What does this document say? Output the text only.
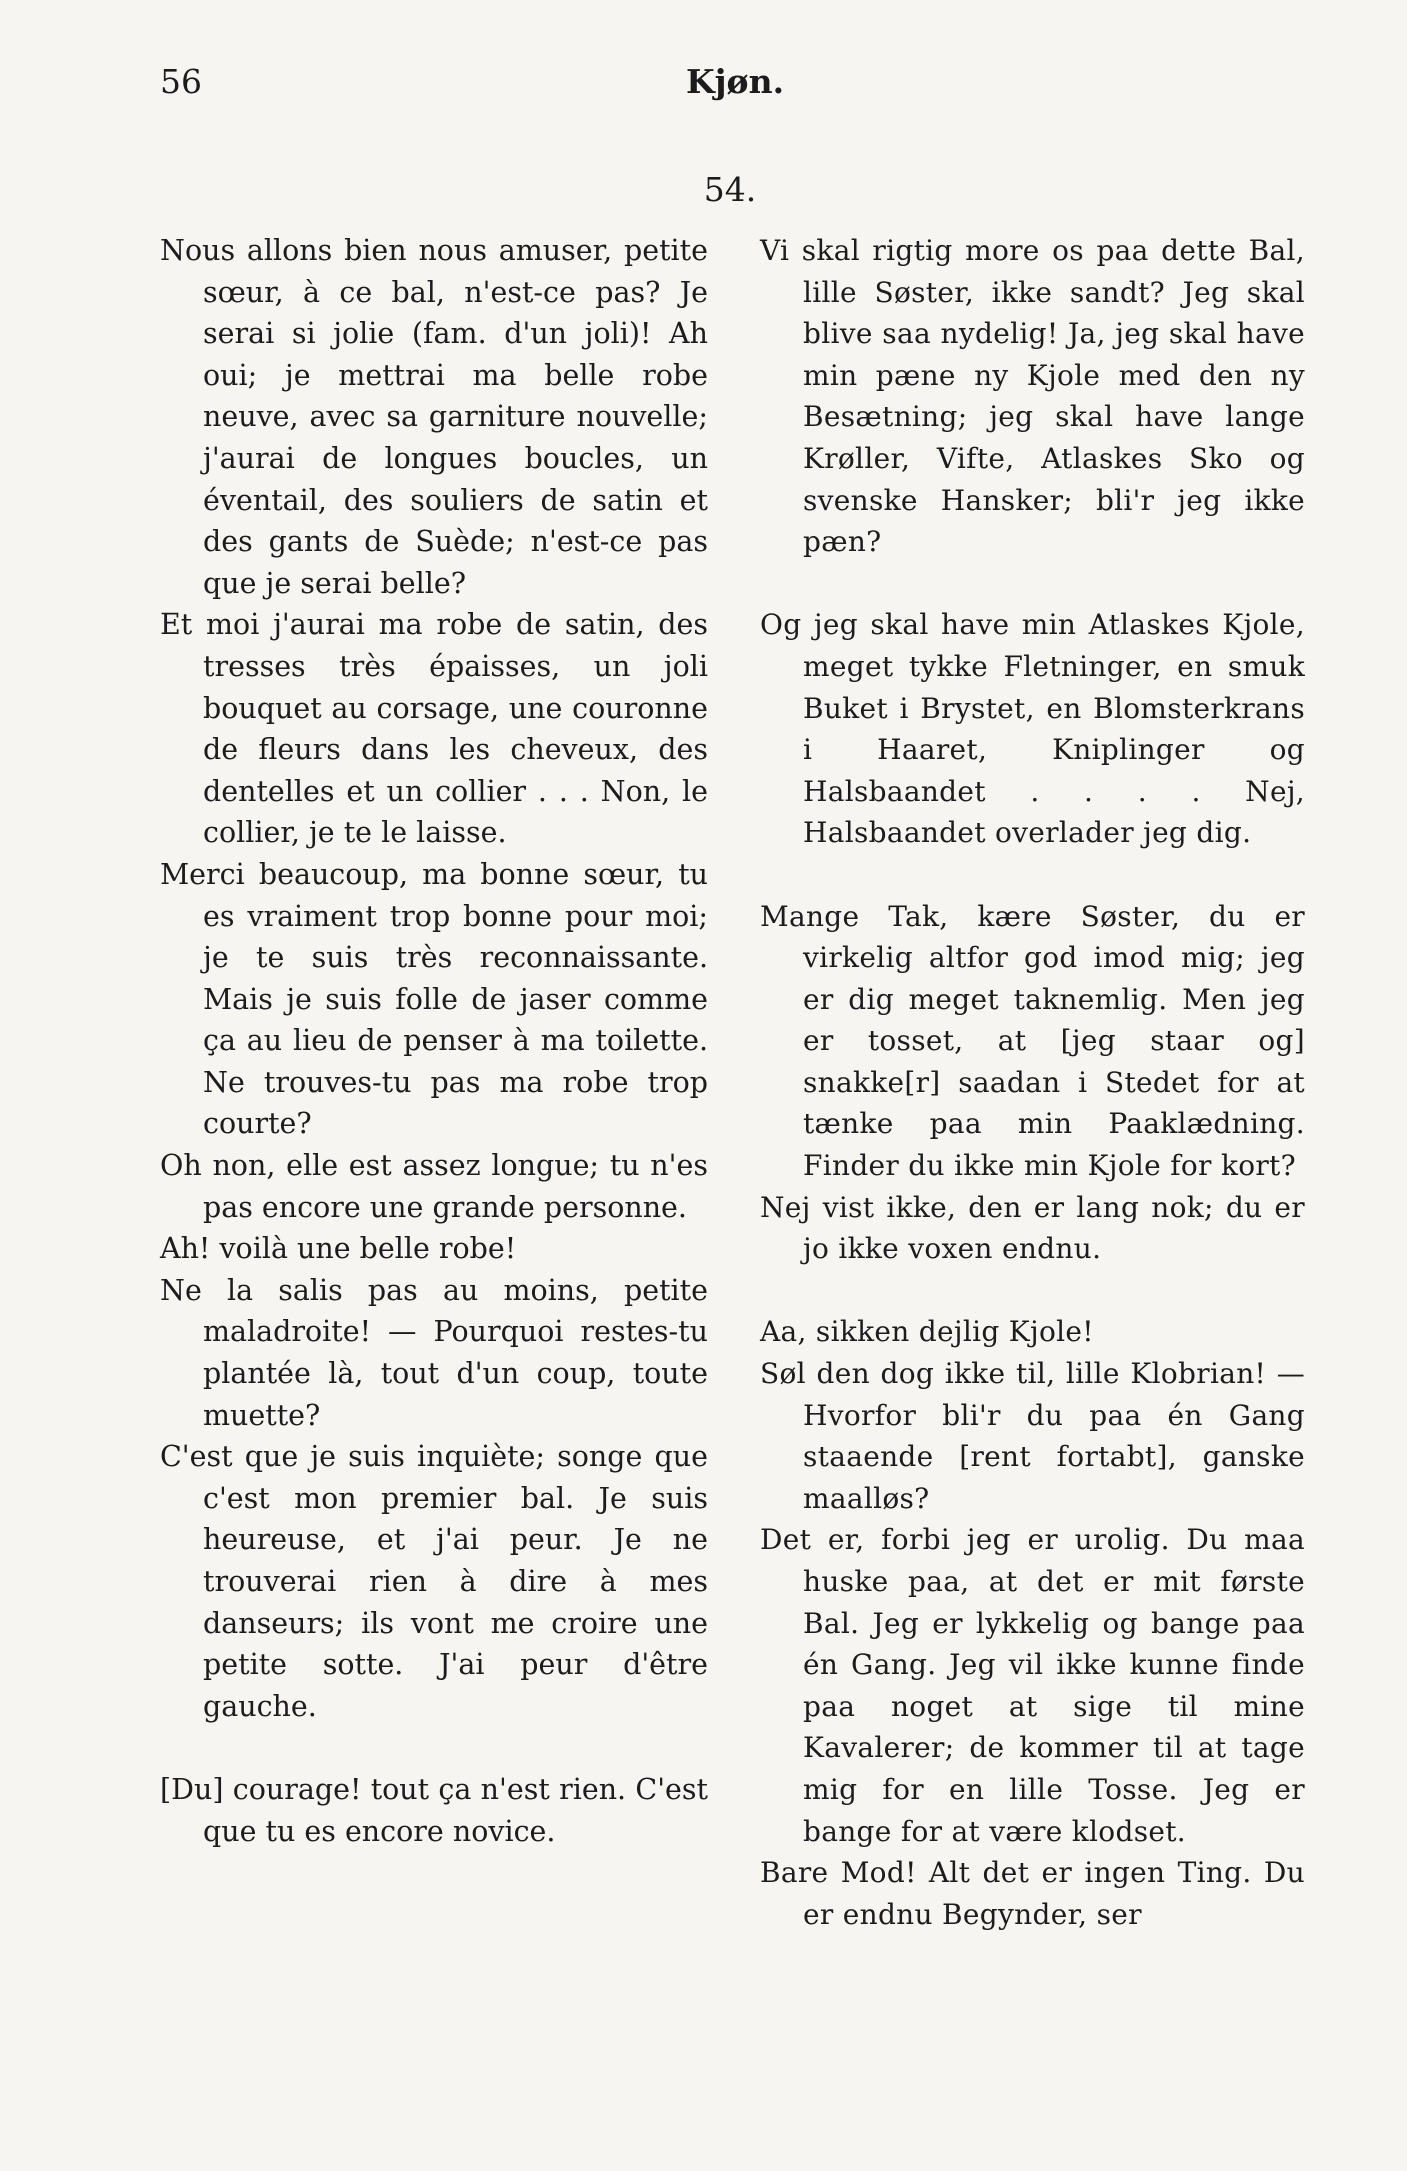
56	Kjøn.
54.

Nous allons bien nous amuser, petite sœur, à ce bal, n'est-ce pas? Je serai si jolie (fam. d'un joli)! Ah oui; je mettrai ma belle robe neuve, avec sa garniture nouvelle; j'aurai de longues boucles, un éventail, des souliers de satin et des gants de Suède; n'est-ce pas que je serai belle?

Et moi j'aurai ma robe de satin, des tresses très épaisses, un joli bouquet au corsage, une couronne de fleurs dans les cheveux, des dentelles et un collier . . . Non, le collier, je te le laisse.

Merci beaucoup, ma bonne sœur, tu es vraiment trop bonne pour moi; je te suis très reconnaissante. Mais je suis folle de jaser comme ça au lieu de penser à ma toilette. Ne trouves-tu pas ma robe trop courte?

Oh non, elle est assez longue; tu n'es pas encore une grande personne.

Ah! voilà une belle robe!

Ne la salis pas au moins, petite maladroite! — Pourquoi restes-tu plantée là, tout d'un coup, toute muette?

C'est que je suis inquiète; songe que c'est mon premier bal. Je suis heureuse, et j'ai peur. Je ne trouverai rien à dire à mes danseurs; ils vont me croire une petite sotte. J'ai peur d'être gauche.

[Du] courage! tout ça n'est rien. C'est que tu es encore novice.

Vi skal rigtig more os paa dette Bal, lille Søster, ikke sandt? Jeg skal blive saa nydelig! Ja, jeg skal have min pæne ny Kjole med den ny Besætning; jeg skal have lange Krøller, Vifte, Atlaskes Sko og svenske Hansker; bli'r jeg ikke pæn?

Og jeg skal have min Atlaskes Kjole, meget tykke Fletninger, en smuk Buket i Brystet, en Blomsterkrans i Haaret, Kniplinger og Halsbaandet . . . . Nej, Halsbaandet overlader jeg dig.

Mange Tak, kære Søster, du er virkelig altfor god imod mig; jeg er dig meget taknemlig. Men jeg er tosset, at [jeg staar og] snakke[r] saadan i Stedet for at tænke paa min Paaklædning. Finder du ikke min Kjole for kort?

Nej vist ikke, den er lang nok; du er jo ikke voxen endnu.

Aa, sikken dejlig Kjole!

Søl den dog ikke til, lille Klobrian! — Hvorfor bli'r du paa én Gang staaende [rent fortabt], ganske maalløs?

Det er, forbi jeg er urolig. Du maa huske paa, at det er mit første Bal. Jeg er lykkelig og bange paa én Gang. Jeg vil ikke kunne finde paa noget at sige til mine Kavalerer; de kommer til at tage mig for en lille Tosse. Jeg er bange for at være klodset.

Bare Mod! Alt det er ingen Ting. Du er endnu Begynder, ser
